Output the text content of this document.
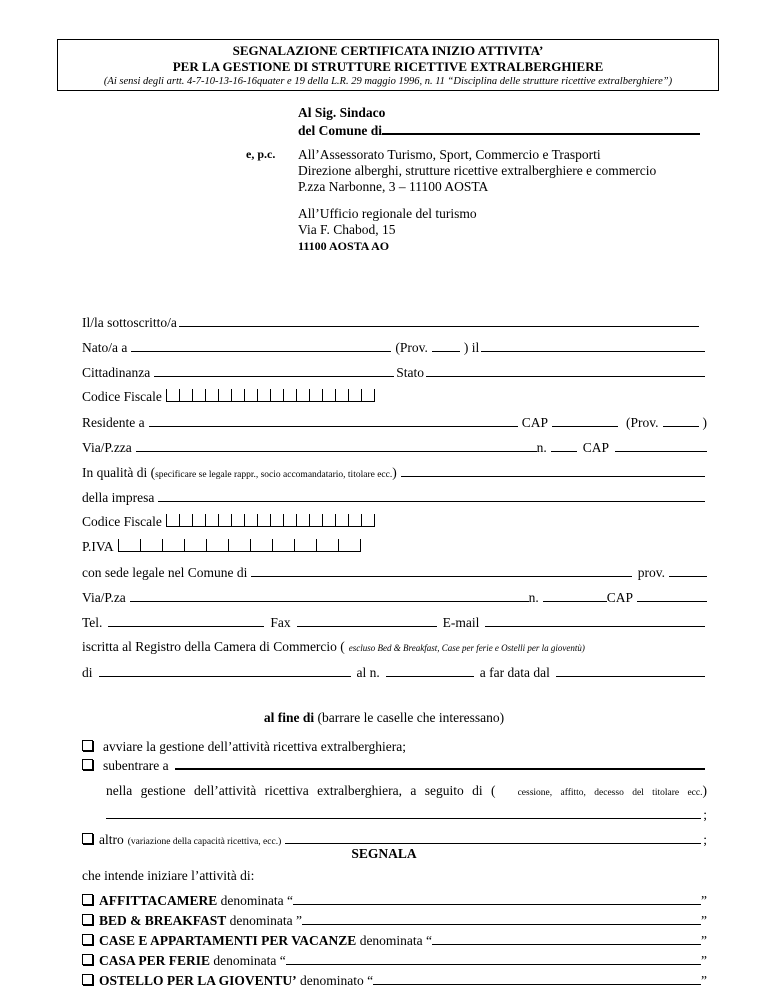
SEGNALAZIONE CERTIFICATA INIZIO ATTIVITA’
PER LA GESTIONE DI STRUTTURE RICETTIVE EXTRALBERGHIERE
(Ai sensi degli artt. 4-7-10-13-16-16quater e 19 della L.R. 29 maggio 1996, n. 11 “Disciplina delle strutture ricettive extralberghiere”)
Al Sig. Sindaco
del Comune di
e, p.c. All’Assessorato Turismo, Sport, Commercio e Trasporti
Direzione alberghi, strutture ricettive extralberghiere e commercio
P.zza Narbonne, 3 – 11100 AOSTA
All’Ufficio regionale del turismo
Via F. Chabod, 15
11100 AOSTA AO
Il/la sottoscritto/a
Nato/a a	(Prov.	) il
Cittadinanza	Stato
Codice Fiscale
Residente a	CAP	(Prov.	)
Via/P.zza	n.	CAP
In qualità di ( specificare se legale rappr., socio accomandatario, titolare ecc. )
della impresa
Codice Fiscale
P.IVA
con sede legale nel Comune di	prov.
Via/P.za	n.	CAP
Tel.	Fax	E-mail
iscritta al Registro della Camera di Commercio ( escluso Bed & Breakfast, Case per ferie e Ostelli per la gioventù)
di	al n.	a far data dal
al fine di (barrare le caselle che interessano)
avviare la gestione dell’attività ricettiva extralberghiera;
subentrare a
nella gestione dell’attività ricettiva extralberghiera, a seguito di ( cessione, affitto, decesso del titolare ecc.)
;
altro (variazione della capacità ricettiva, ecc.)	;
SEGNALA
che intende iniziare l’attività di:
AFFITTACAMERE
denominata “	”
BED & BREAKFAST
denominata ”	”
CASE E APPARTAMENTI PER VACANZE
denominata “	”
CASA PER FERIE
denominata “	”
OSTELLO PER LA GIOVENTU’
denominato “	”
